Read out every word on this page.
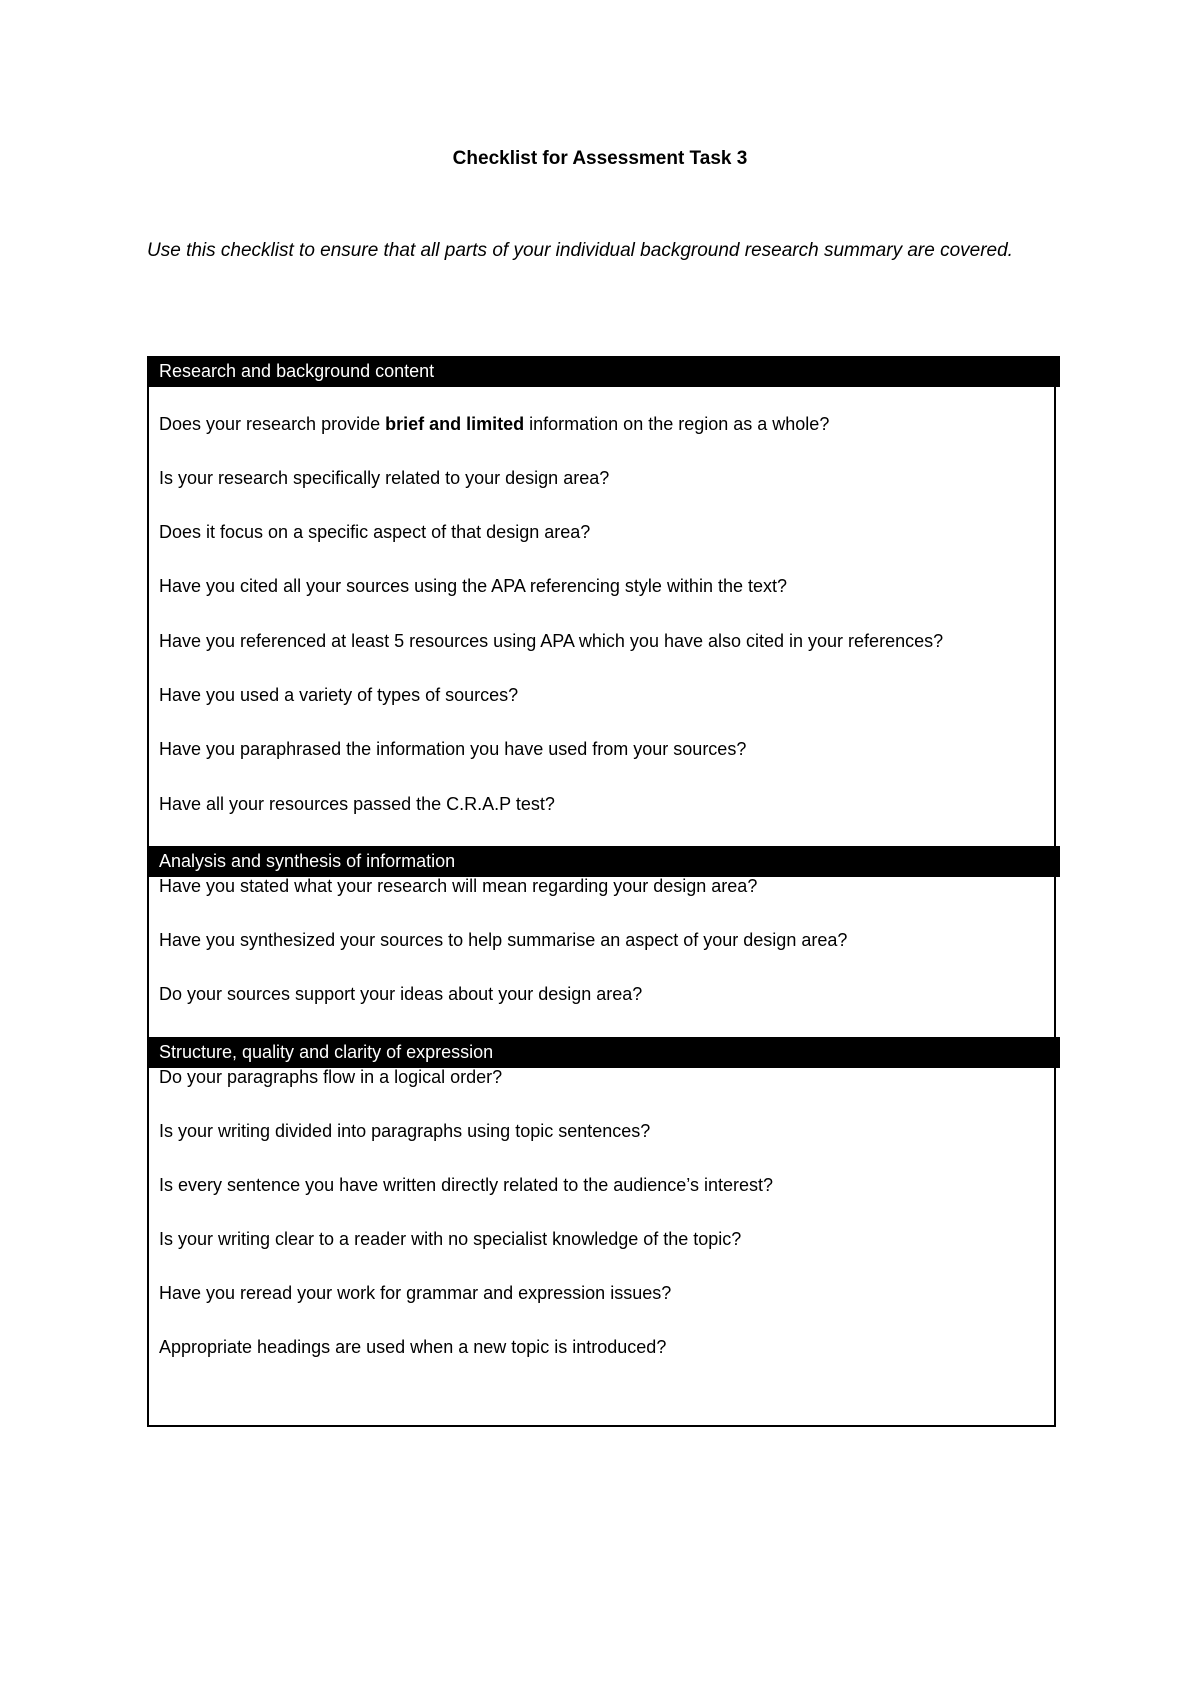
Checklist for Assessment Task 3
Use this checklist to ensure that all parts of your individual background research summary are covered.
Research and background content
Does your research provide brief and limited information on the region as a whole?
Is your research specifically related to your design area?
Does it focus on a specific aspect of that design area?
Have you cited all your sources using the APA referencing style within the text?
Have you referenced at least 5 resources using APA which you have also cited in your references?
Have you used a variety of types of sources?
Have you paraphrased the information you have used from your sources?
Have all your resources passed the C.R.A.P test?
Analysis and synthesis of information
Have you stated what your research will mean regarding your design area?
Have you synthesized your sources to help summarise an aspect of your design area?
Do your sources support your ideas about your design area?
Structure, quality and clarity of expression
Do your paragraphs flow in a logical order?
Is your writing divided into paragraphs using topic sentences?
Is every sentence you have written directly related to the audience’s interest?
Is your writing clear to a reader with no specialist knowledge of the topic?
Have you reread your work for grammar and expression issues?
Appropriate headings are used when a new topic is introduced?
